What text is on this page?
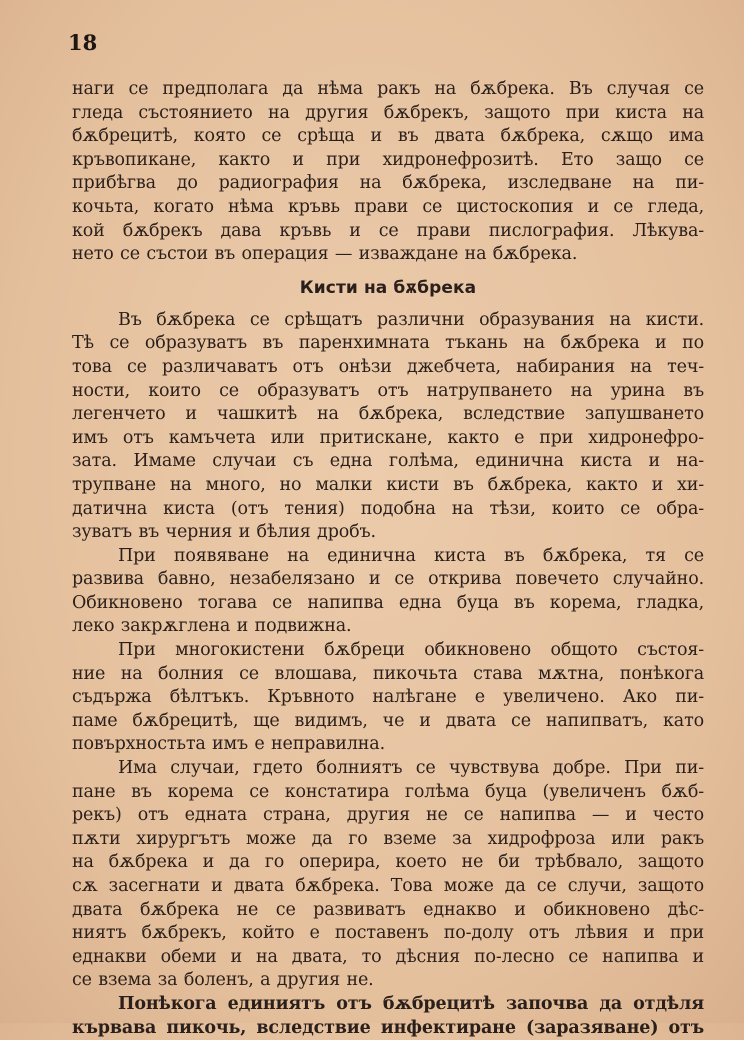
18
наги се предполага да нѣма ракъ на бѫбрека. Въ случая се
гледа състоянието на другия бѫбрекъ, защото при киста на
бѫбрецитѣ, която се срѣща и въ двата бѫбрека, сѫщо има
кръвопикане, както и при хидронефрозитѣ. Ето защо се
прибѣгва до радиография на бѫбрека, изследване на пи-
кочьта, когато нѣма кръвь прави се цистоскопия и се гледа,
кой бѫбрекъ дава кръвь и се прави пислография. Лѣкува-
нето се състои въ операция — изваждане на бѫбрека.
Кисти на бѫбрека
Въ бѫбрека се срѣщатъ различни образувания на кисти.
Тѣ се образуватъ въ паренхимната тъкань на бѫбрека и по
това се различаватъ отъ онѣзи джебчета, набирания на теч-
ности, които се образуватъ отъ натрупването на урина въ
легенчето и чашкитѣ на бѫбрека, вследствие запушването
имъ отъ камъчета или притискане, както е при хидронефро-
зата. Имаме случаи съ една голѣма, единична киста и на-
трупване на много, но малки кисти въ бѫбрека, както и хи-
датична киста (отъ тения) подобна на тѣзи, които се обра-
зуватъ въ черния и бѣлия дробъ.
При появяване на единична киста въ бѫбрека, тя се
развива бавно, незабелязано и се открива повечето случайно.
Обикновено тогава се напипва една буца въ корема, гладка,
леко закрѫглена и подвижна.
При многокистени бѫбреци обикновено общото състоя-
ние на болния се влошава, пикочьта става мѫтна, понѣкога
съдържа бѣлтъкъ. Кръвното налѣгане е увеличено. Ако пи-
паме бѫбрецитѣ, ще видимъ, че и двата се напипватъ, като
повърхностьта имъ е неправилна.
Има случаи, гдето болниятъ се чувствува добре. При пи-
пане въ корема се констатира голѣма буца (увеличенъ бѫб-
рекъ) отъ едната страна, другия не се напипва — и често
пѫти хирургътъ може да го вземе за хидрофроза или ракъ
на бѫбрека и да го оперира, което не би трѣбвало, защото
сѫ засегнати и двата бѫбрека. Това може да се случи, защото
двата бѫбрека не се развиватъ еднакво и обикновено дѣс-
ниятъ бѫбрекъ, който е поставенъ по-долу отъ лѣвия и при
еднакви обеми и на двата, то дѣсния по-лесно се напипва и
се взема за боленъ, а другия не.
Понѣкога единиятъ отъ бѫбрецитѣ започва да отдѣля
кървава пикочь, вследствие инфектиране (заразяване) отъ
